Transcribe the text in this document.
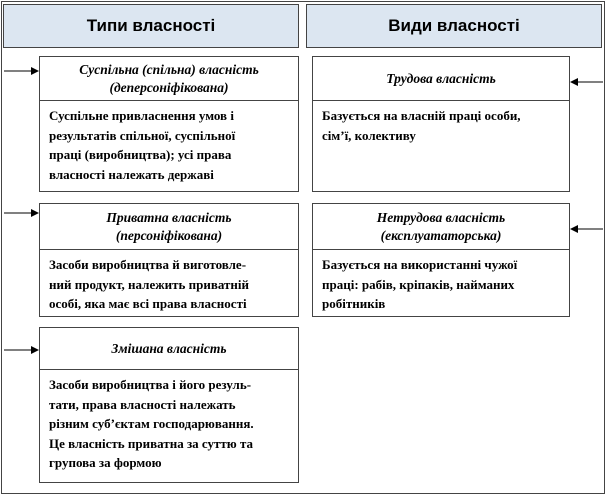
Типи власності	Види власності
Суспільна (спільна) власність
(деперсоніфікована)
Суспільне привласнення умов і
результатів спільної, суспільної
праці (виробництва); усі права
власності належать державі
Приватна власність
(персоніфікована)
Засоби виробництва й виготовле-
ний продукт, належить приватній
особі, яка має всі права власності
Змішана власність
Засоби виробництва і його резуль-
тати, права власності належать
різним суб’єктам господарювання.
Це власність приватна за суттю та
групова за формою
Трудова власність
Базується на власній праці особи,
сім’ї, колективу
Нетрудова власність
(експлуататорська)
Базується на використанні чужої
праці: рабів, кріпаків, найманих
робітників
